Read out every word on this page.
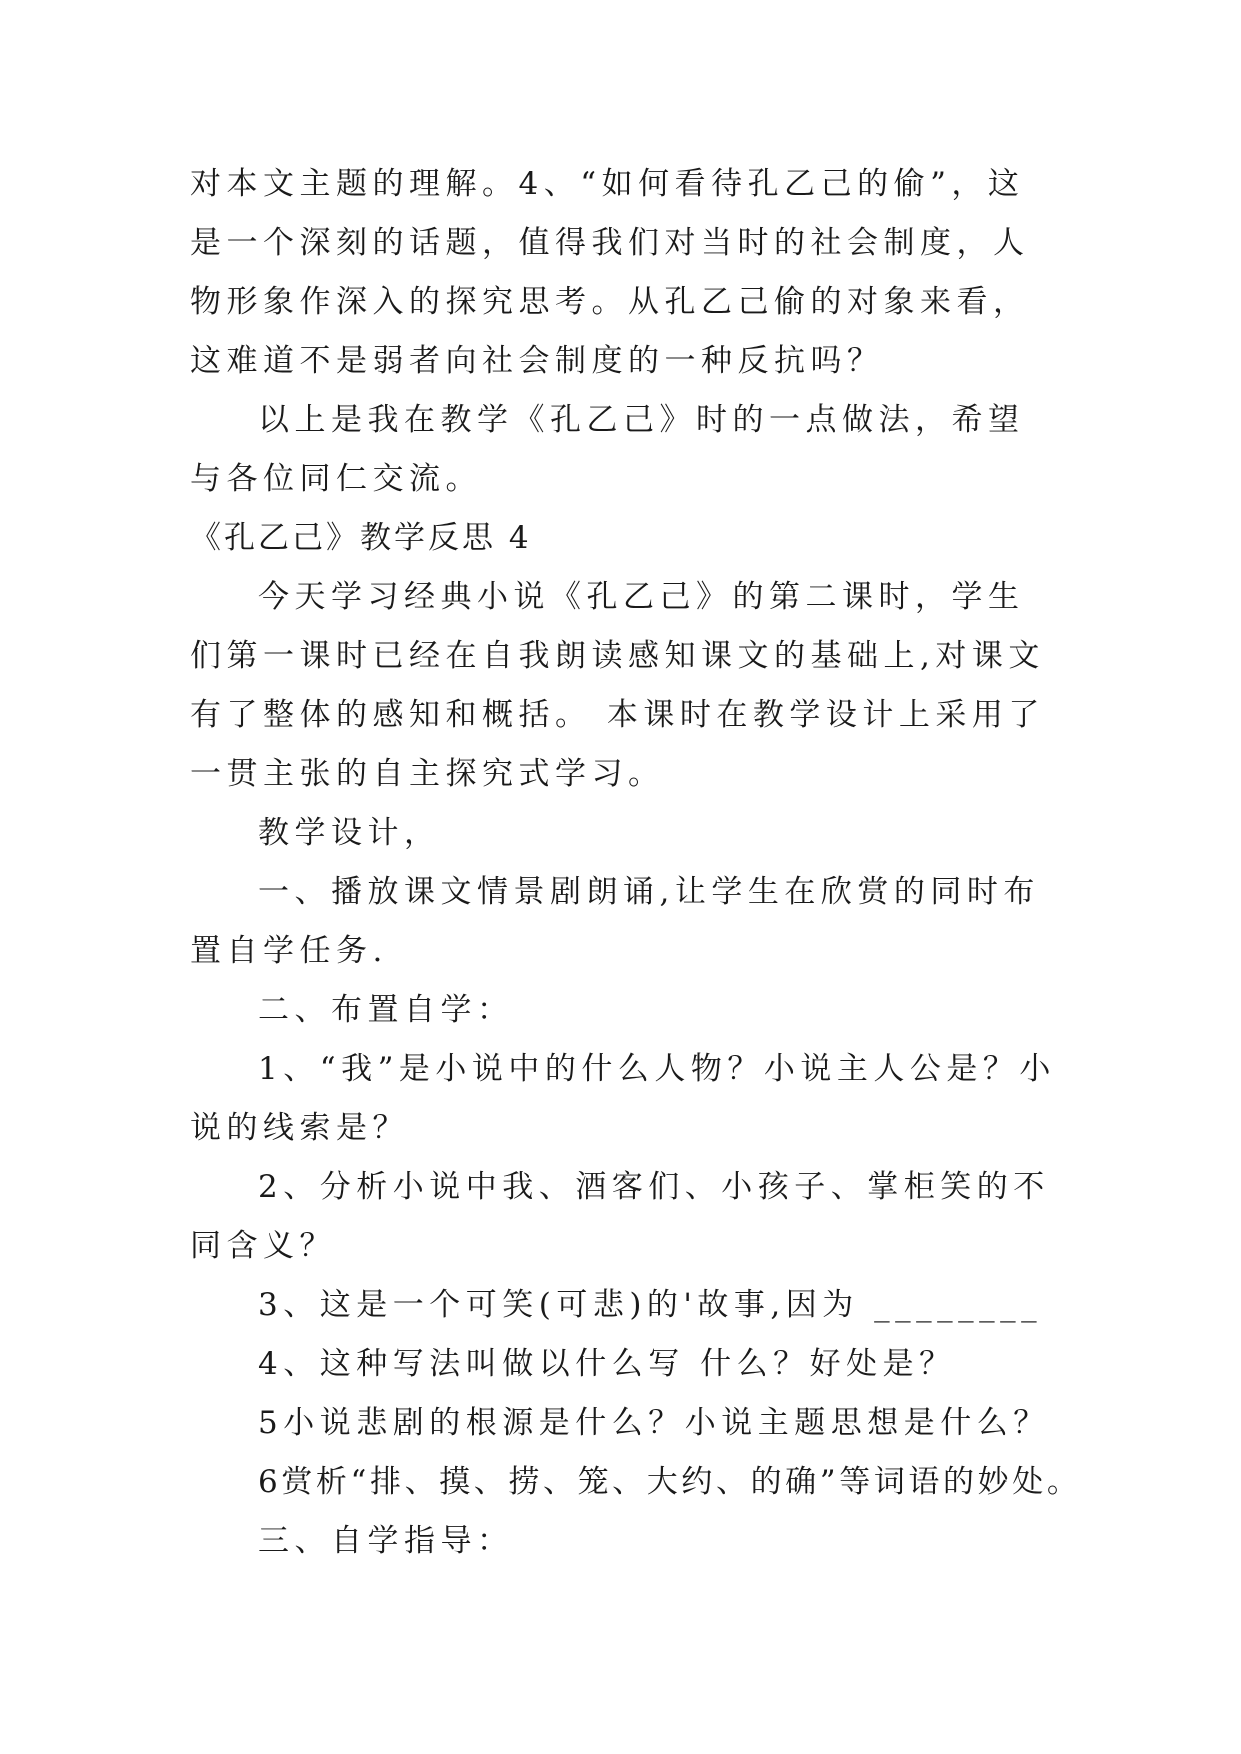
对本文主题的理解。4、“如何看待孔乙己的偷”，这是一个深刻的话题，值得我们对当时的社会制度，人物形象作深入的探究思考。从孔乙己偷的对象来看，这难道不是弱者向社会制度的一种反抗吗？

以上是我在教学《孔乙己》时的一点做法，希望与各位同仁交流。

《孔乙己》教学反思 4

今天学习经典小说《孔乙己》的第二课时，学生们第一课时已经在自我朗读感知课文的基础上,对课文有了整体的感知和概括。 本课时在教学设计上采用了一贯主张的自主探究式学习。

教学设计，

一、播放课文情景剧朗诵,让学生在欣赏的同时布置自学任务.

二、布置自学：

1、“我”是小说中的什么人物？小说主人公是？小说的线索是？

2、分析小说中我、酒客们、小孩子、掌柜笑的不同含义？

3、这是一个可笑(可悲)的'故事,因为 ________

4、这种写法叫做以什么写 什么？好处是？

5小说悲剧的根源是什么？小说主题思想是什么？

6赏析“排、摸、捞、笼、大约、的确”等词语的妙处。

三、自学指导：
